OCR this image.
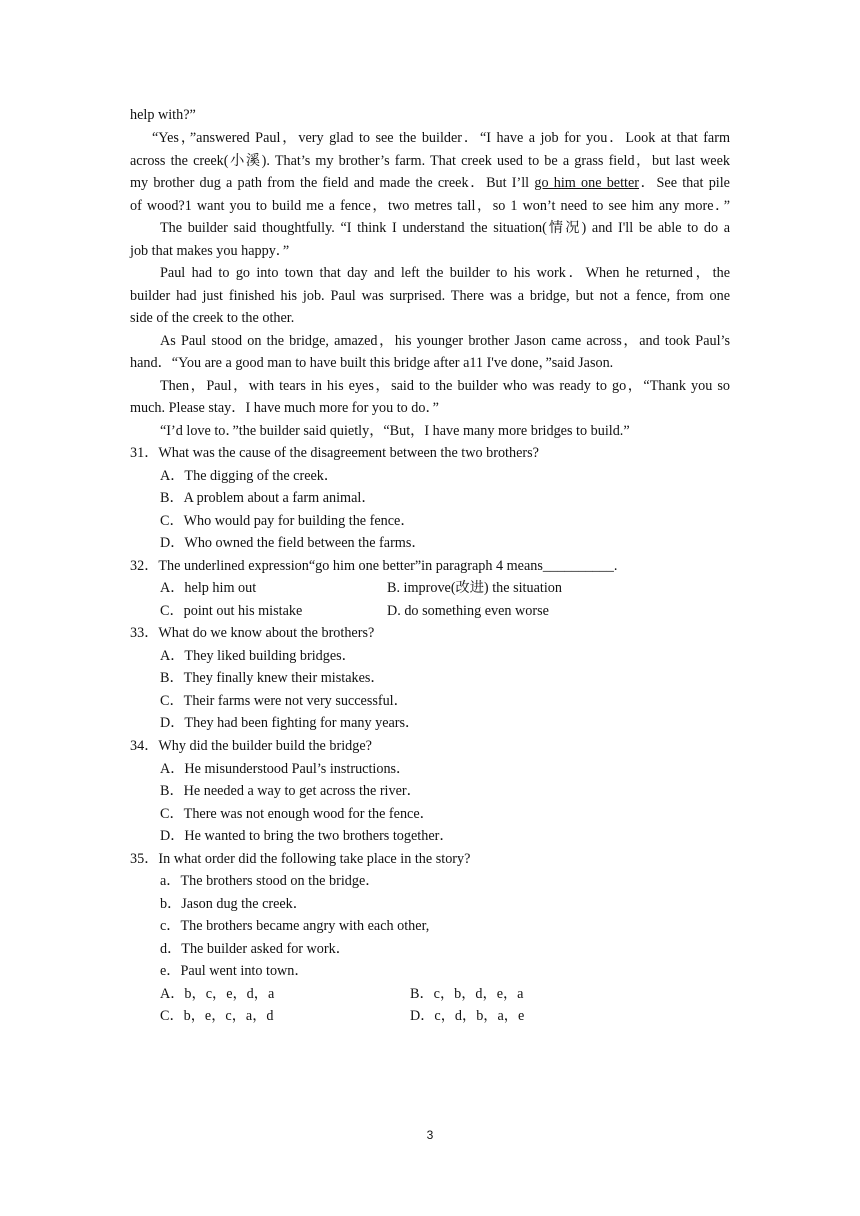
help with?”
“Yes，”answered Paul，very glad to see the builder．“I have a job for you．Look at that farm
across the creek(小溪). That’s my brother’s farm. That creek used to be a grass field，but last week
my brother dug a path from the field and made the creek．But I’ll go him one better．See that pile
of wood?1 want you to build me a fence，two metres tall，so 1 won’t need to see him any more．”
The builder said thoughtfully. “I think I understand the situation(情况) and I'll be able to do a
job that makes you happy．”
Paul had to go into town that day and left the builder to his work．When he returned，the
builder had just finished his job. Paul was surprised. There was a bridge, but not a fence, from one
side of the creek to the other.
As Paul stood on the bridge, amazed，his younger brother Jason came across，and took Paul’s
hand．“You are a good man to have built this bridge after a11 I've done，”said Jason.
Then，Paul，with tears in his eyes，said to the builder who was ready to go，“Thank you so
much. Please stay．I have much more for you to do．”
“I’d love to．”the builder said quietly，“But，I have many more bridges to build.”
31．What was the cause of the disagreement between the two brothers?
A．The digging of the creek．
B．A problem about a farm animal．
C．Who would pay for building the fence．
D．Who owned the field between the farms．
32．The underlined expression“go him one better”in paragraph 4 means__________.
A．help him out	B. improve(改进) the situation
C．point out his mistake	D. do something even worse
33．What do we know about the brothers?
A．They liked building bridges．
B．They finally knew their mistakes．
C．Their farms were not very successful．
D．They had been fighting for many years．
34．Why did the builder build the bridge?
A．He misunderstood Paul’s instructions．
B．He needed a way to get across the river．
C．There was not enough wood for the fence．
D．He wanted to bring the two brothers together．
35．In what order did the following take place in the story?
a．The brothers stood on the bridge．
b．Jason dug the creek．
c．The brothers became angry with each other,
d．The builder asked for work．
e．Paul went into town．
A．b，c，e，d，a	B．c，b，d，e，a
C．b，e，c，a，d	D．c，d，b，a，e
3
